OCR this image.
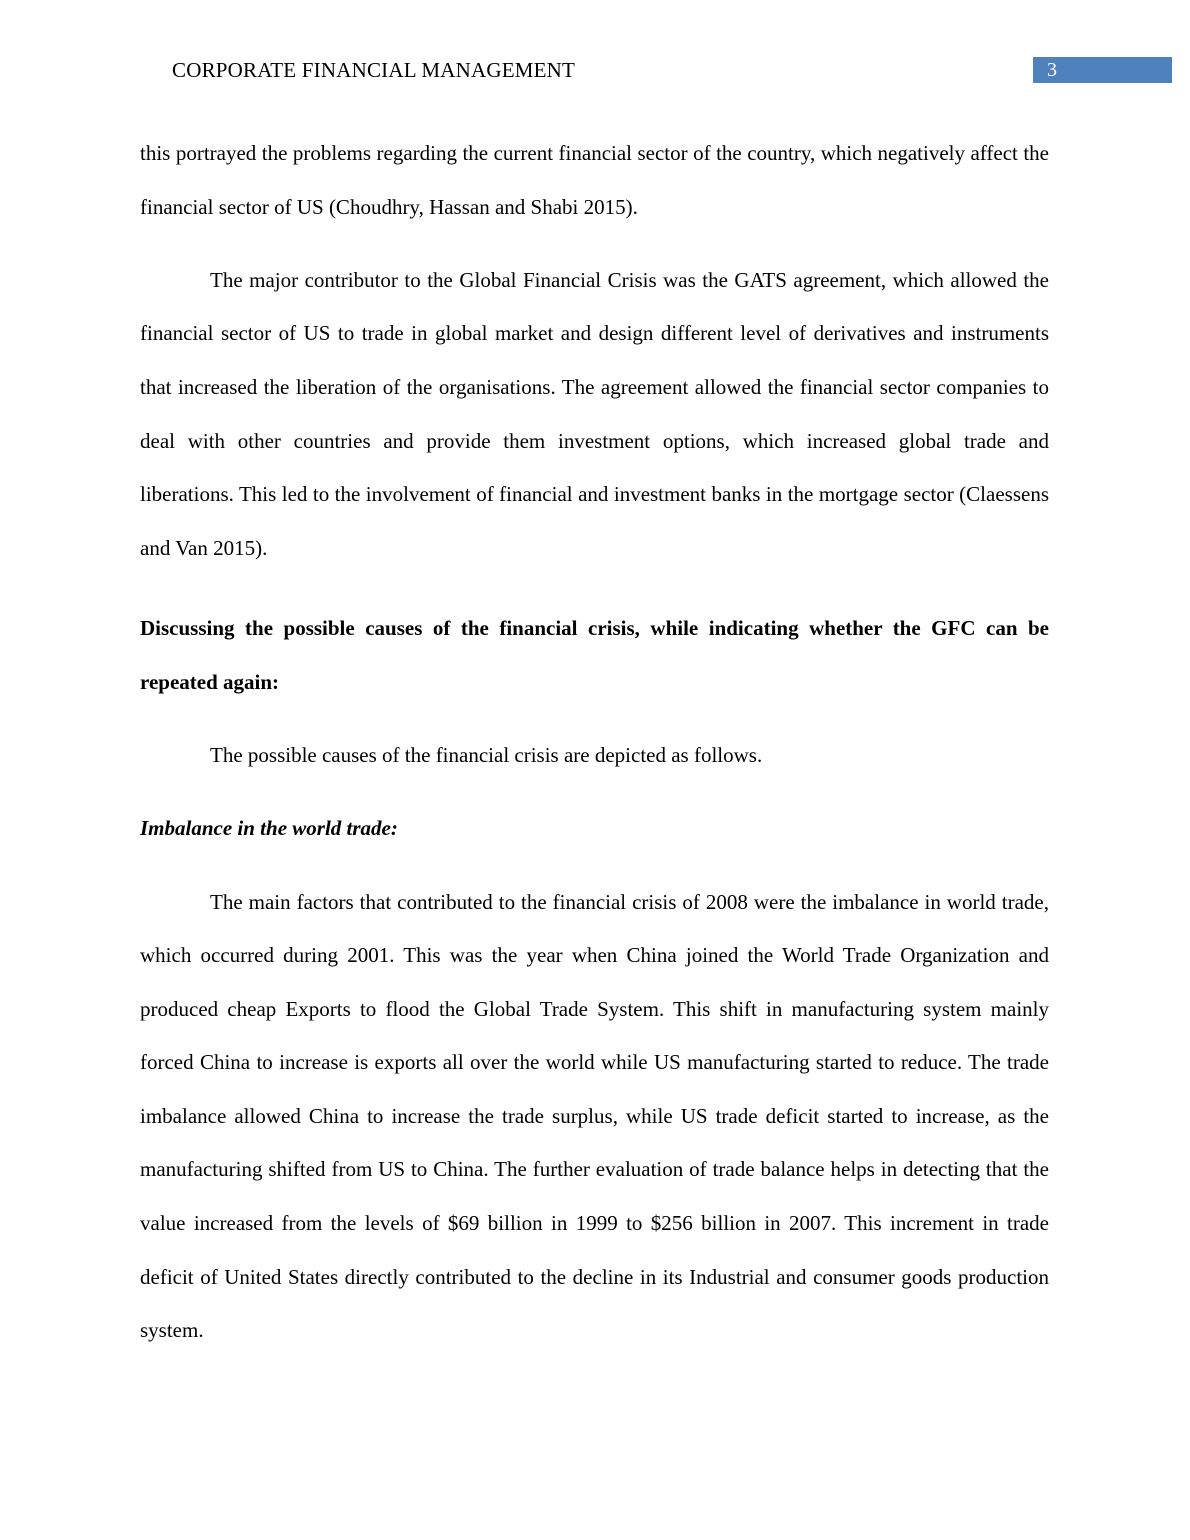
CORPORATE FINANCIAL MANAGEMENT	3

this portrayed the problems regarding the current financial sector of the country, which negatively affect the financial sector of US (Choudhry, Hassan and Shabi 2015).

The major contributor to the Global Financial Crisis was the GATS agreement, which allowed the financial sector of US to trade in global market and design different level of derivatives and instruments that increased the liberation of the organisations. The agreement allowed the financial sector companies to deal with other countries and provide them investment options, which increased global trade and liberations. This led to the involvement of financial and investment banks in the mortgage sector (Claessens and Van 2015).

Discussing the possible causes of the financial crisis, while indicating whether the GFC can be repeated again:

The possible causes of the financial crisis are depicted as follows.

Imbalance in the world trade:

The main factors that contributed to the financial crisis of 2008 were the imbalance in world trade, which occurred during 2001. This was the year when China joined the World Trade Organization and produced cheap Exports to flood the Global Trade System. This shift in manufacturing system mainly forced China to increase is exports all over the world while US manufacturing started to reduce. The trade imbalance allowed China to increase the trade surplus, while US trade deficit started to increase, as the manufacturing shifted from US to China. The further evaluation of trade balance helps in detecting that the value increased from the levels of $69 billion in 1999 to $256 billion in 2007. This increment in trade deficit of United States directly contributed to the decline in its Industrial and consumer goods production system.
